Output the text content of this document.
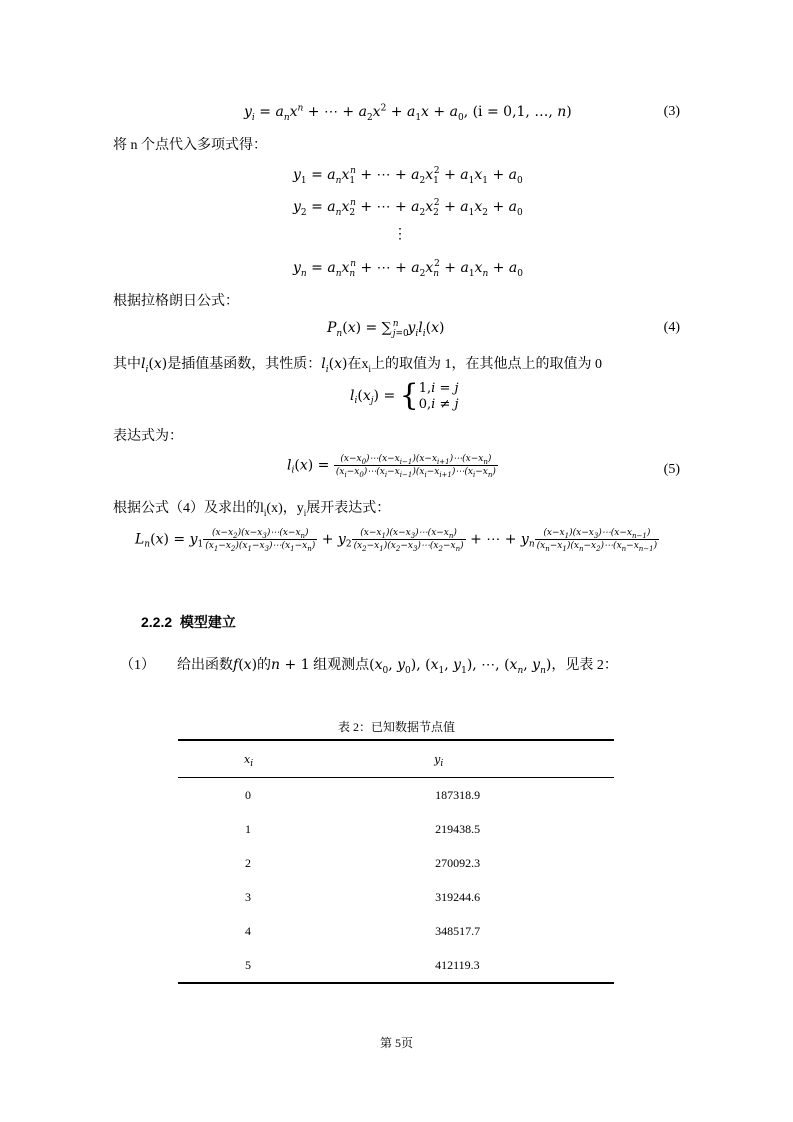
$y_i = a_nx^n$ + ⋯ + $a_2x^2 + a_1x + a_0$, (i = 0,1, …, n)	(3)
将 n 个点代入多项式得：
$y_1 = a_nx_1^n$ + ⋯ + $a_2x_1^2 + a_1x_1 + a_0$
$y_2 = a_nx_2^n$ + ⋯ + $a_2x_2^2 + a_1x_2 + a_0$
⋮
$y_n = a_nx_n^n$ + ⋯ + $a_2x_n^2 + a_1x_n + a_0$
根据拉格朗日公式：
$P_n(x) = \sum_{j=0}^n$ $y_il_i(x)$	(4)
其中$l_i(x)$是插值基函数，其性质：$l_i(x)$在$x_i$上的取值为 1，在其他点上的取值为 0
$l_i(x_j) = \{1,i = j$
0,i ≠ j
表达式为：
$l_i(x) = \frac{(x-x_0)\cdots(x-x_{i-1})(x-x_{i+1})\cdots(x-x_n)}{(x_i-x_0)\cdots(x_i-x_{i-1})(x_i-x_{i+1})\cdots(x_i-x_n)}$	(5)
根据公式（4）及求出的$l_i(x)$，$y_i$展开表达式：
$L_n(x) = y_1 \frac{(x-x_2)(x-x_3)\cdots(x-x_n)}{(x_1-x_2)(x_1-x_3)\cdots(x_1-x_n)} + y_2 \frac{(x-x_1)(x-x_3)\cdots(x-x_n)}{(x_2-x_1)(x_2-x_3)\cdots(x_2-x_n)}$ + ⋯ + $y_n \frac{(x-x_1)(x-x_3)\cdots(x-x_{n-1})}{(x_n-x_1)(x_n-x_2)\cdots(x_n-x_{n-1})}$
2.2.2 模型建立
（1） 给出函数f(x)的n + 1 组观测点($x_0$, $y_0$), ($x_1$, $y_1$), ⋯, ($x_n$, $y_n$)，见表 2：
表 2：已知数据节点值
$x_i$	$y_i$
0	187318.9
1	219438.5
2	270092.3
3	319244.6
4	348517.7
5	412119.3
第 5页
